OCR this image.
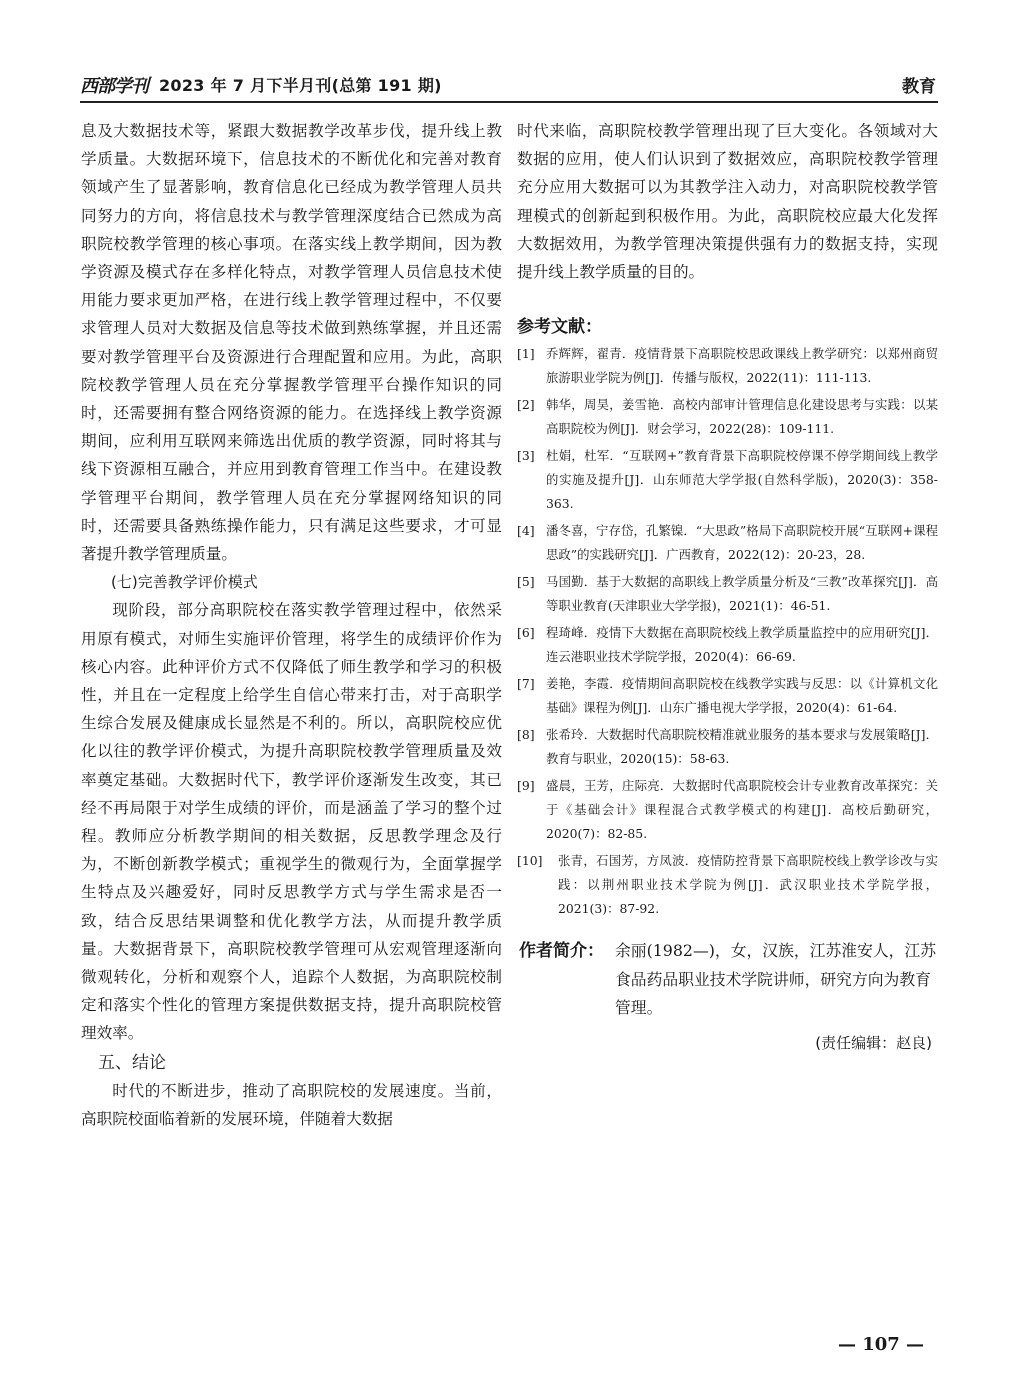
西部学刊 2023 年 7 月下半月刊(总第 191 期)	教育

息及大数据技术等，紧跟大数据教学改革步伐，提升线上教学质量。大数据环境下，信息技术的不断优化和完善对教育领域产生了显著影响，教育信息化已经成为教学管理人员共同努力的方向，将信息技术与教学管理深度结合已然成为高职院校教学管理的核心事项。在落实线上教学期间，因为教学资源及模式存在多样化特点，对教学管理人员信息技术使用能力要求更加严格，在进行线上教学管理过程中，不仅要求管理人员对大数据及信息等技术做到熟练掌握，并且还需要对教学管理平台及资源进行合理配置和应用。为此，高职院校教学管理人员在充分掌握教学管理平台操作知识的同时，还需要拥有整合网络资源的能力。在选择线上教学资源期间，应利用互联网来筛选出优质的教学资源，同时将其与线下资源相互融合，并应用到教育管理工作当中。在建设教学管理平台期间，教学管理人员在充分掌握网络知识的同时，还需要具备熟练操作能力，只有满足这些要求，才可显著提升教学管理质量。

(七)完善教学评价模式

现阶段，部分高职院校在落实教学管理过程中，依然采用原有模式，对师生实施评价管理，将学生的成绩评价作为核心内容。此种评价方式不仅降低了师生教学和学习的积极性，并且在一定程度上给学生自信心带来打击，对于高职学生综合发展及健康成长显然是不利的。所以，高职院校应优化以往的教学评价模式，为提升高职院校教学管理质量及效率奠定基础。大数据时代下，教学评价逐渐发生改变，其已经不再局限于对学生成绩的评价，而是涵盖了学习的整个过程。教师应分析教学期间的相关数据，反思教学理念及行为，不断创新教学模式；重视学生的微观行为，全面掌握学生特点及兴趣爱好，同时反思教学方式与学生需求是否一致，结合反思结果调整和优化教学方法，从而提升教学质量。大数据背景下，高职院校教学管理可从宏观管理逐渐向微观转化，分析和观察个人，追踪个人数据，为高职院校制定和落实个性化的管理方案提供数据支持，提升高职院校管理效率。

五、结论

时代的不断进步，推动了高职院校的发展速度。当前，高职院校面临着新的发展环境，伴随着大数据

时代来临，高职院校教学管理出现了巨大变化。各领域对大数据的应用，使人们认识到了数据效应，高职院校教学管理充分应用大数据可以为其教学注入动力，对高职院校教学管理模式的创新起到积极作用。为此，高职院校应最大化发挥大数据效用，为教学管理决策提供强有力的数据支持，实现提升线上教学质量的目的。

参考文献：
[1] 乔辉辉，翟青．疫情背景下高职院校思政课线上教学研究：以郑州商贸旅游职业学院为例[J]．传播与版权，2022(11)：111-113.
[2] 韩华，周昊，姜雪艳．高校内部审计管理信息化建设思考与实践：以某高职院校为例[J]．财会学习，2022(28)：109-111.
[3] 杜娟，杜军．“互联网+”教育背景下高职院校停课不停学期间线上教学的实施及提升[J]．山东师范大学学报(自然科学版)，2020(3)：358-363.
[4] 潘冬喜，宁存岱，孔繁镍．“大思政”格局下高职院校开展“互联网+课程思政”的实践研究[J]．广西教育，2022(12)：20-23，28.
[5] 马国勤．基于大数据的高职线上教学质量分析及“三教”改革探究[J]．高等职业教育(天津职业大学学报)，2021(1)：46-51.
[6] 程琦峰．疫情下大数据在高职院校线上教学质量监控中的应用研究[J]．连云港职业技术学院学报，2020(4)：66-69.
[7] 姜艳，李霞．疫情期间高职院校在线教学实践与反思：以《计算机文化基础》课程为例[J]．山东广播电视大学学报，2020(4)：61-64.
[8] 张希玲．大数据时代高职院校精准就业服务的基本要求与发展策略[J]．教育与职业，2020(15)：58-63.
[9] 盛晨，王芳，庄际亮．大数据时代高职院校会计专业教育改革探究：关于《基础会计》课程混合式教学模式的构建[J]．高校后勤研究，2020(7)：82-85.
[10] 张青，石国芳，方凤波．疫情防控背景下高职院校线上教学诊改与实践：以荆州职业技术学院为例[J]．武汉职业技术学院学报，2021(3)：87-92.
作者简介： 余丽(1982—)，女，汉族，江苏淮安人，江苏食品药品职业技术学院讲师，研究方向为教育管理。
(责任编辑：赵良)
— 107 —
